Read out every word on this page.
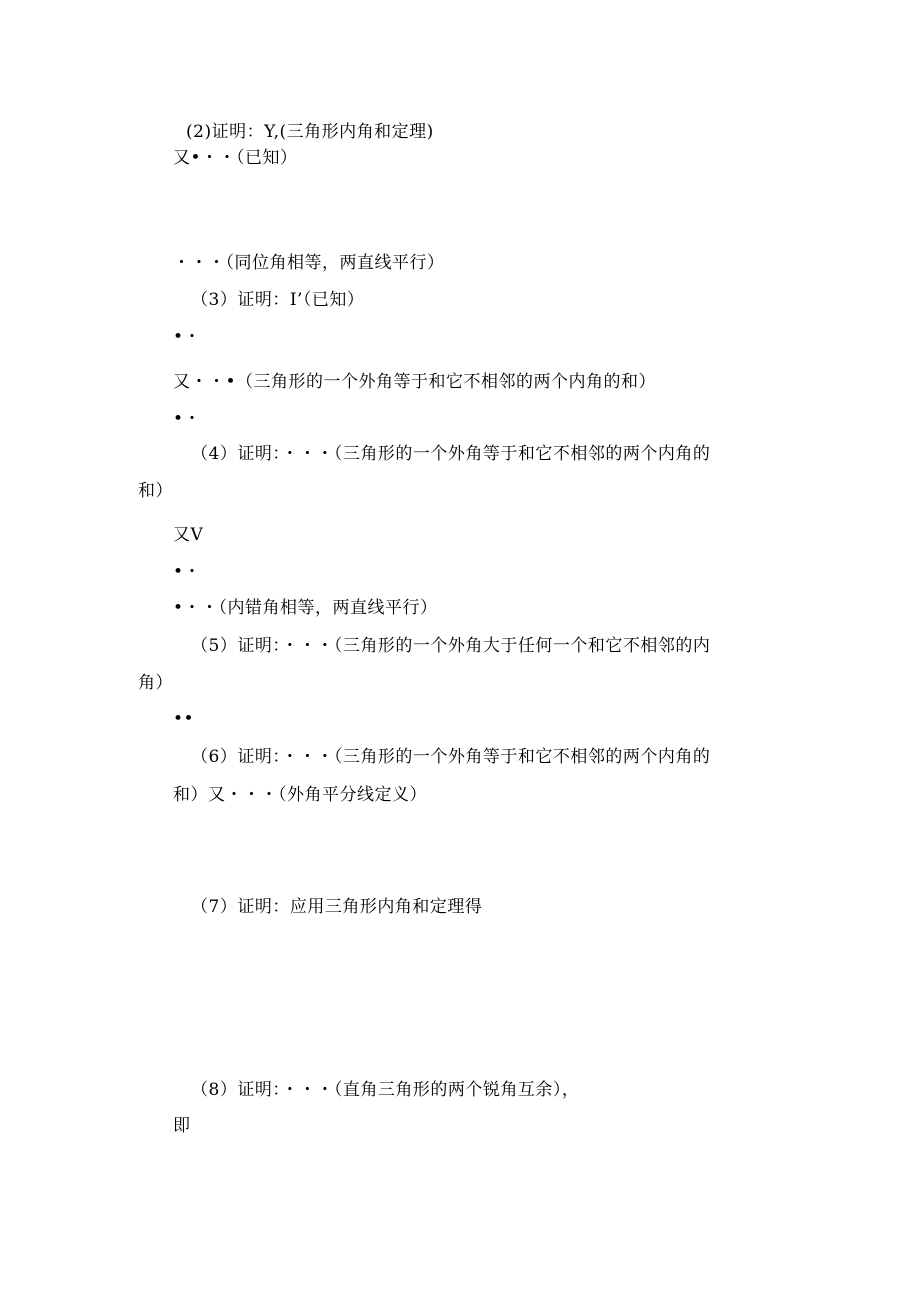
(2)证明：Y,(三角形内角和定理)
又•・・（已知）
・・・（同位角相等，两直线平行）
（3）证明：I’（已知）
•・
又・・•（三角形的一个外角等于和它不相邻的两个内角的和）
•・
（4）证明：・・・（三角形的一个外角等于和它不相邻的两个内角的
和）
又V
•・
•・・（内错角相等，两直线平行）
（5）证明：・・・（三角形的一个外角大于任何一个和它不相邻的内
角）
••
（6）证明：・・・（三角形的一个外角等于和它不相邻的两个内角的
和）又・・・（外角平分线定义）
（7）证明：应用三角形内角和定理得
（8）证明：・・・（直角三角形的两个锐角互余），
即
